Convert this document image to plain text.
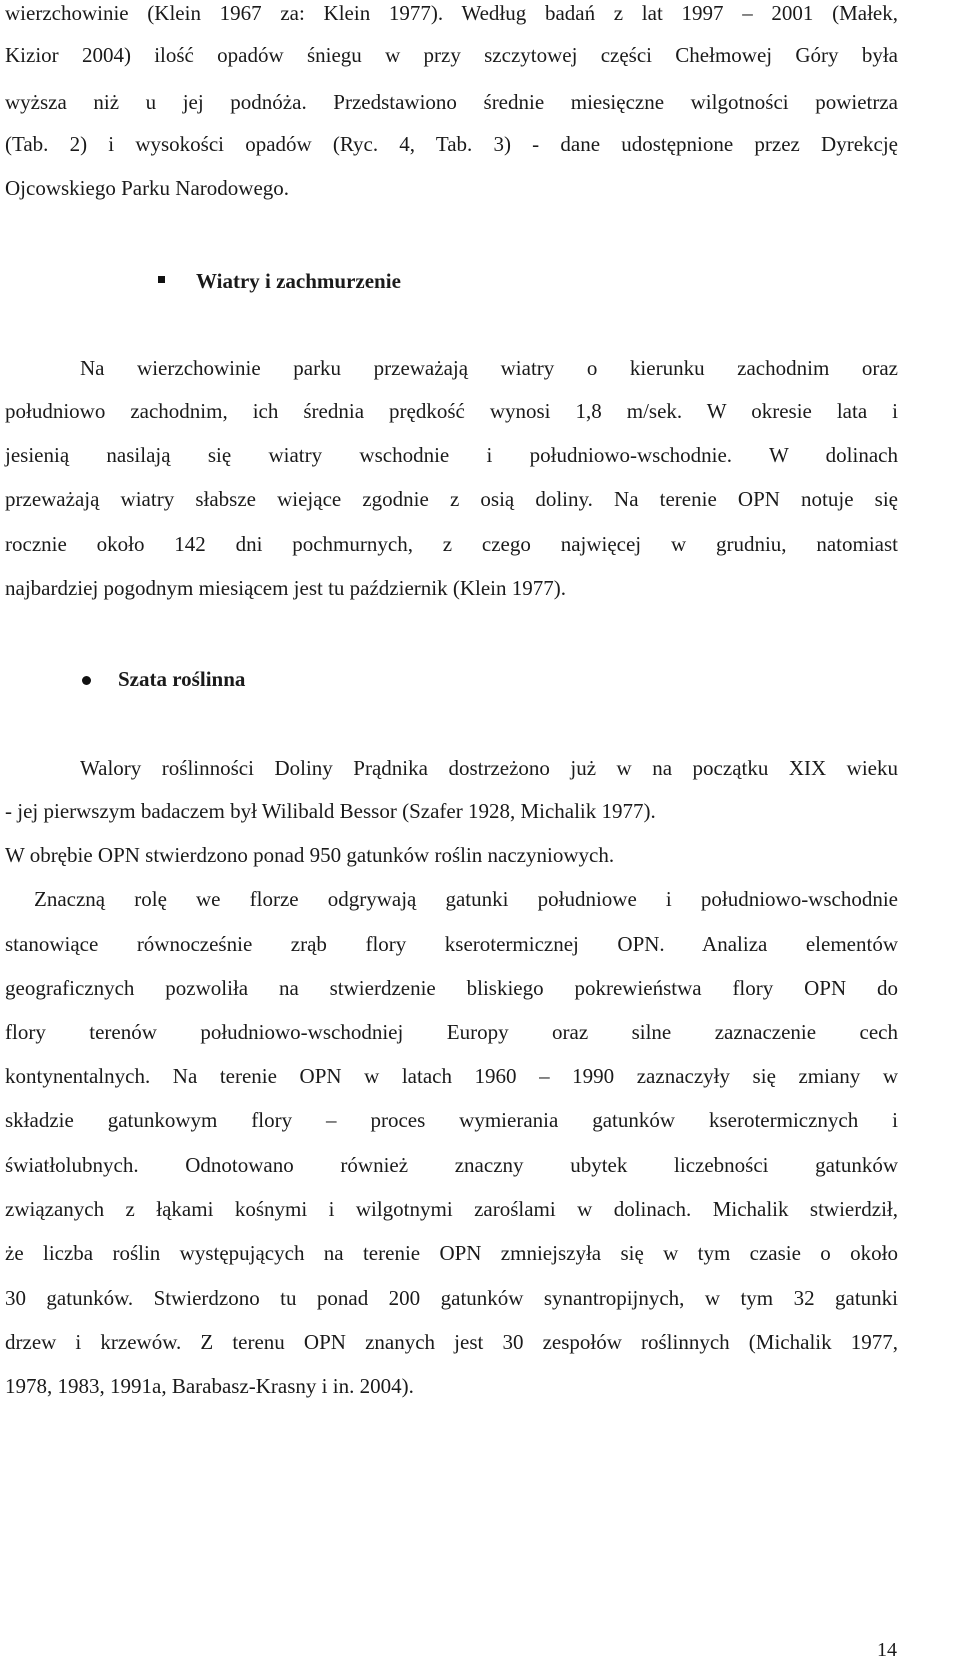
wierzchowinie (Klein 1967 za: Klein 1977). Według badań z lat 1997 – 2001 (Małek,
Kizior 2004) ilość opadów śniegu w przy szczytowej części Chełmowej Góry była
wyższa niż u jej podnóża. Przedstawiono średnie miesięczne wilgotności powietrza
(Tab. 2) i wysokości opadów (Ryc. 4, Tab. 3) - dane udostępnione przez Dyrekcję
Ojcowskiego Parku Narodowego.
Wiatry i zachmurzenie
Na wierzchowinie parku przeważają wiatry o kierunku zachodnim oraz
południowo zachodnim, ich średnia prędkość wynosi 1,8 m/sek. W okresie lata i
jesienią nasilają się wiatry wschodnie i południowo-wschodnie. W dolinach
przeważają wiatry słabsze wiejące zgodnie z osią doliny. Na terenie OPN notuje się
rocznie około 142 dni pochmurnych, z czego najwięcej w grudniu, natomiast
najbardziej pogodnym miesiącem jest tu październik (Klein 1977).
Szata roślinna
Walory roślinności Doliny Prądnika dostrzeżono już w na początku XIX wieku
- jej pierwszym badaczem był Wilibald Bessor (Szafer 1928, Michalik 1977).
W obrębie OPN stwierdzono ponad 950 gatunków roślin naczyniowych.
Znaczną rolę we florze odgrywają gatunki południowe i południowo-wschodnie
stanowiące równocześnie zrąb flory kserotermicznej OPN. Analiza elementów
geograficznych pozwoliła na stwierdzenie bliskiego pokrewieństwa flory OPN do
flory terenów południowo-wschodniej Europy oraz silne zaznaczenie cech
kontynentalnych. Na terenie OPN w latach 1960 – 1990 zaznaczyły się zmiany w
składzie gatunkowym flory – proces wymierania gatunków kserotermicznych i
światłolubnych. Odnotowano również znaczny ubytek liczebności gatunków
związanych z łąkami kośnymi i wilgotnymi zaroślami w dolinach. Michalik stwierdził,
że liczba roślin występujących na terenie OPN zmniejszyła się w tym czasie o około
30 gatunków. Stwierdzono tu ponad 200 gatunków synantropijnych, w tym 32 gatunki
drzew i krzewów. Z terenu OPN znanych jest 30 zespołów roślinnych (Michalik 1977,
1978, 1983, 1991a, Barabasz-Krasny i in. 2004).
14
